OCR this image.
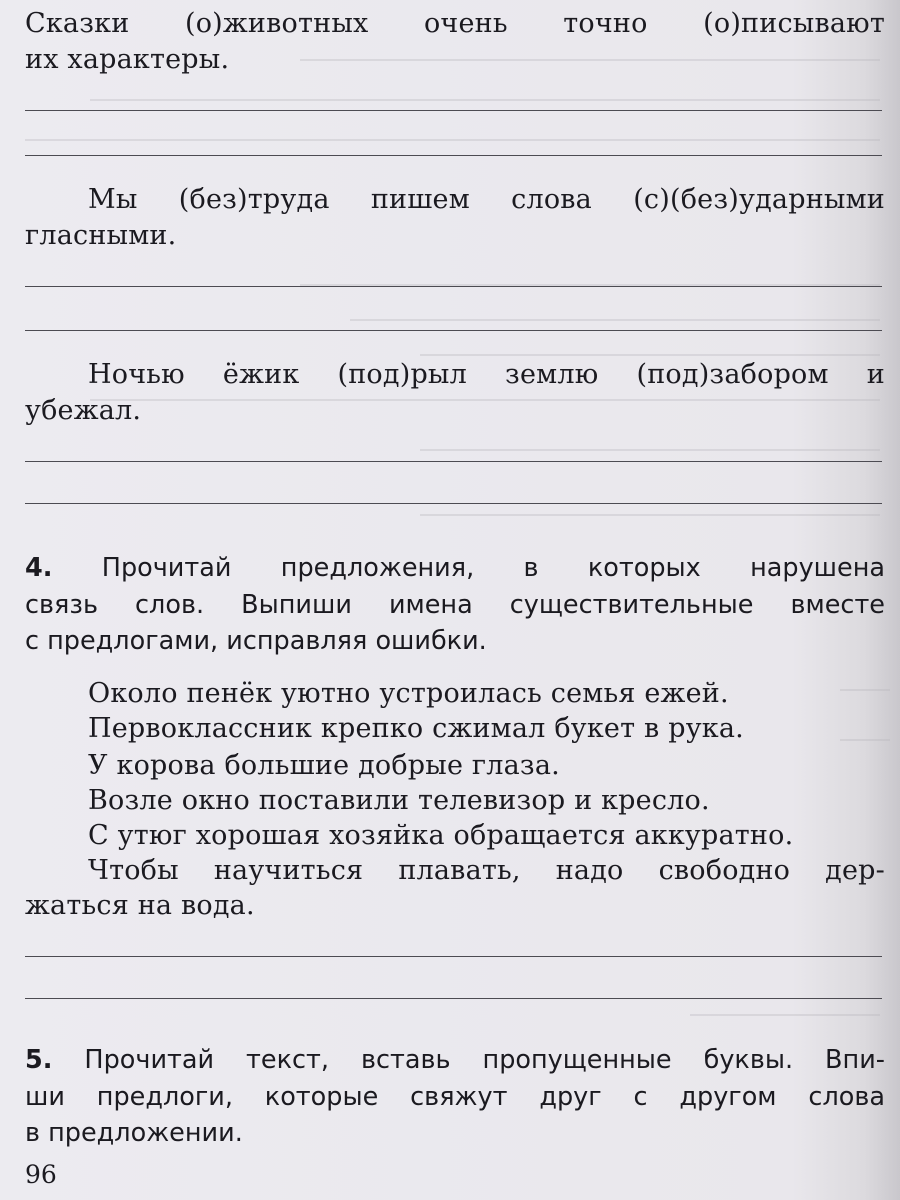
Сказки (о)животных очень точно (о)писывают
их характеры.
Мы (без)труда пишем слова (с)(без)ударными
гласными.
Ночью ёжик (под)рыл землю (под)забором и
убежал.
4. Прочитай предложения, в которых нарушена
связь слов. Выпиши имена существительные вместе
с предлогами, исправляя ошибки.
Около пенёк уютно устроилась семья ежей.
Первоклассник крепко сжимал букет в рука.
У корова большие добрые глаза.
Возле окно поставили телевизор и кресло.
С утюг хорошая хозяйка обращается аккуратно.
Чтобы научиться плавать, надо свободно дер-
жаться на вода.
5. Прочитай текст, вставь пропущенные буквы. Впи-
ши предлоги, которые свяжут друг с другом слова
в предложении.
96
